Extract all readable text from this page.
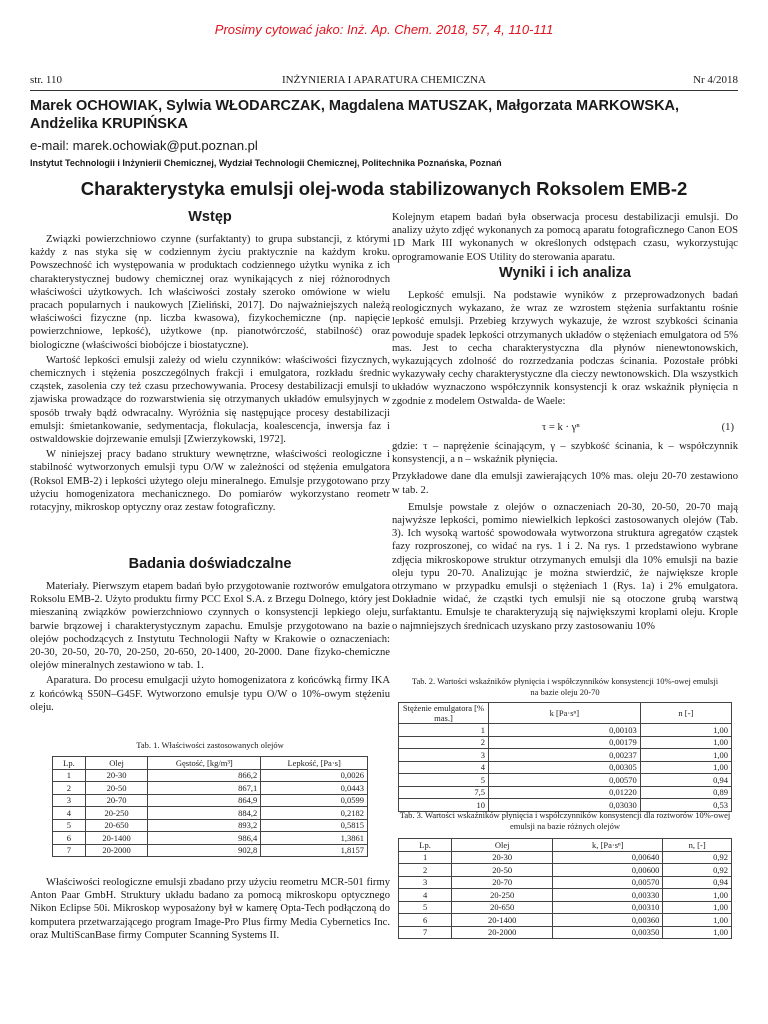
Prosimy cytować jako: Inż. Ap. Chem. 2018, 57, 4, 110-111
str. 110	INŻYNIERIA I APARATURA CHEMICZNA	Nr 4/2018
Marek OCHOWIAK, Sylwia WŁODARCZAK, Magdalena MATUSZAK, Małgorzata MARKOWSKA, Andżelika KRUPIŃSKA
e-mail: marek.ochowiak@put.poznan.pl
Instytut Technologii i Inżynierii Chemicznej, Wydział Technologii Chemicznej, Politechnika Poznańska, Poznań
Charakterystyka emulsji olej-woda stabilizowanych Roksolem EMB-2
Wstęp

Związki powierzchniowo czynne (surfaktanty) to grupa substancji, z którymi każdy z nas styka się w codziennym życiu praktycznie na każdym kroku. Powszechność ich występowania w produktach codziennego użytku wynika z ich charakterystycznej budowy chemicznej oraz wynikających z niej różnorodnych właściwości użytkowych. Ich właściwości zostały szeroko omówione w wielu pracach popularnych i naukowych [Zieliński, 2017]. Do najważniejszych należą właściwości fizyczne (np. liczba kwasowa), fizykochemiczne (np. napięcie powierzchniowe, lepkość), użytkowe (np. pianotwórczość, stabilność) oraz biologiczne (właściwości biobójcze i biostatyczne).

Wartość lepkości emulsji zależy od wielu czynników: właściwości fizycznych, chemicznych i stężenia poszczególnych frakcji i emulgatora, rozkładu średnic cząstek, zasolenia czy też czasu przechowywania. Procesy destabilizacji emulsji to zjawiska prowadzące do rozwarstwienia się otrzymanych układów emulsyjnych w sposób trwały bądź odwracalny. Wyróżnia się następujące procesy destabilizacji emulsji: śmietankowanie, sedymentacja, flokulacja, koalescencja, inwersja faz i ostwaldowskie dojrzewanie emulsji [Zwierzykowski, 1972].

W niniejszej pracy badano struktury wewnętrzne, właściwości reologiczne i stabilność wytworzonych emulsji typu O/W w zależności od stężenia emulgatora (Roksol EMB-2) i lepkości użytego oleju mineralnego. Emulsje przygotowano przy użyciu homogenizatora mechanicznego. Do pomiarów wykorzystano reometr rotacyjny, mikroskop optyczny oraz zestaw fotograficzny.

Badania doświadczalne

Materiały. Pierwszym etapem badań było przygotowanie roztworów emulgatora Roksolu EMB-2. Użyto produktu firmy PCC Exol S.A. z Brzegu Dolnego, który jest mieszaniną związków powierzchniowo czynnych o konsystencji lepkiego oleju, barwie brązowej i charakterystycznym zapachu. Emulsje przygotowano na bazie olejów pochodzących z Instytutu Technologii Nafty w Krakowie o oznaczeniach: 20-30, 20-50, 20-70, 20-250, 20-650, 20-1400, 20-2000. Dane fizyko-chemiczne olejów mineralnych zestawiono w tab. 1.

Aparatura. Do procesu emulgacji użyto homogenizatora z końcówką firmy IKA z końcówką S50N–G45F. Wytworzono emulsje typu O/W o 10%-owym stężeniu oleju.

Tab. 1. Właściwości zastosowanych olejów
Lp.	Olej	Gęstość, [kg/m³]	Lepkość, [Pa·s]
1	20-30	866,2	0,0026
2	20-50	867,1	0,0443
3	20-70	864,9	0,0599
4	20-250	884,2	0,2182
5	20-650	893,2	0,5815
6	20-1400	986,4	1,3861
7	20-2000	902,8	1,8157

Właściwości reologiczne emulsji zbadano przy użyciu reometru MCR-501 firmy Anton Paar GmbH. Struktury układu badano za pomocą mikroskopu optycznego Nikon Eclipse 50i. Mikroskop wyposażony był w kamerę Opta-Tech podłączoną do komputera przetwarzającego program Image-Pro Plus firmy Media Cybernetics Inc. oraz MultiScanBase firmy Computer Scanning Systems II.

Kolejnym etapem badań była obserwacja procesu destabilizacji emulsji. Do analizy użyto zdjęć wykonanych za pomocą aparatu fotograficznego Canon EOS 1D Mark III wykonanych w określonych odstępach czasu, wykorzystując oprogramowanie EOS Utility do sterowania aparatu.

Wyniki i ich analiza

Lepkość emulsji. Na podstawie wyników z przeprowadzonych badań reologicznych wykazano, że wraz ze wzrostem stężenia surfaktantu rośnie lepkość emulsji. Przebieg krzywych wykazuje, że wzrost szybkości ścinania powoduje spadek lepkości otrzymanych układów o stężeniach emulgatora od 5% mas. Jest to cecha charakterystyczna dla płynów nienewtonowskich, wykazujących zdolność do rozrzedzania podczas ścinania. Pozostałe próbki wykazywały cechy charakterystyczne dla cieczy newtonowskich. Dla wszystkich układów wyznaczono współczynnik konsystencji k oraz wskaźnik płynięcia n zgodnie z modelem Ostwalda- de Waele:

τ = k · γⁿ	(1)

gdzie: τ – naprężenie ścinającym, γ – szybkość ścinania, k – współczynnik konsystencji, a n – wskaźnik płynięcia.

Przykładowe dane dla emulsji zawierających 10% mas. oleju 20-70 zestawiono w tab. 2.

Emulsje powstałe z olejów o oznaczeniach 20-30, 20-50, 20-70 mają najwyższe lepkości, pomimo niewielkich lepkości zastosowanych olejów (Tab. 3). Ich wysoką wartość spowodowała wytworzona struktura agregatów cząstek fazy rozproszonej, co widać na rys. 1 i 2. Na rys. 1 przedstawiono wybrane zdjęcia mikroskopowe struktur otrzymanych emulsji dla 10% emulsji na bazie oleju typu 20-70. Analizując je można stwierdzić, że największe krople otrzymano w przypadku emulsji o stężeniach 1 (Rys. 1a) i 2% emulgatora. Dokładnie widać, że cząstki tych emulsji nie są otoczone grubą warstwą surfaktantu. Emulsje te charakteryzują się największymi kroplami oleju. Krople o najmniejszych średnicach uzyskano przy zastosowaniu 10%

Tab. 2. Wartości wskaźników płynięcia i współczynników konsystencji 10%-owej emulsji na bazie oleju 20-70
Stężenie emulgatora [% mas.]	k [Pa·sⁿ]	n [-]
1	0,00103	1,00
2	0,00179	1,00
3	0,00237	1,00
4	0,00305	1,00
5	0,00570	0,94
7,5	0,01220	0,89
10	0,03030	0,53
Tab. 3. Wartości wskaźników płynięcia i współczynników konsystencji dla roztworów 10%-owej emulsji na bazie różnych olejów
Lp.	Olej	k, [Pa·sⁿ]	n, [-]
1	20-30	0,00640	0,92
2	20-50	0,00600	0,92
3	20-70	0,00570	0,94
4	20-250	0,00330	1,00
5	20-650	0,00310	1,00
6	20-1400	0,00360	1,00
7	20-2000	0,00350	1,00
